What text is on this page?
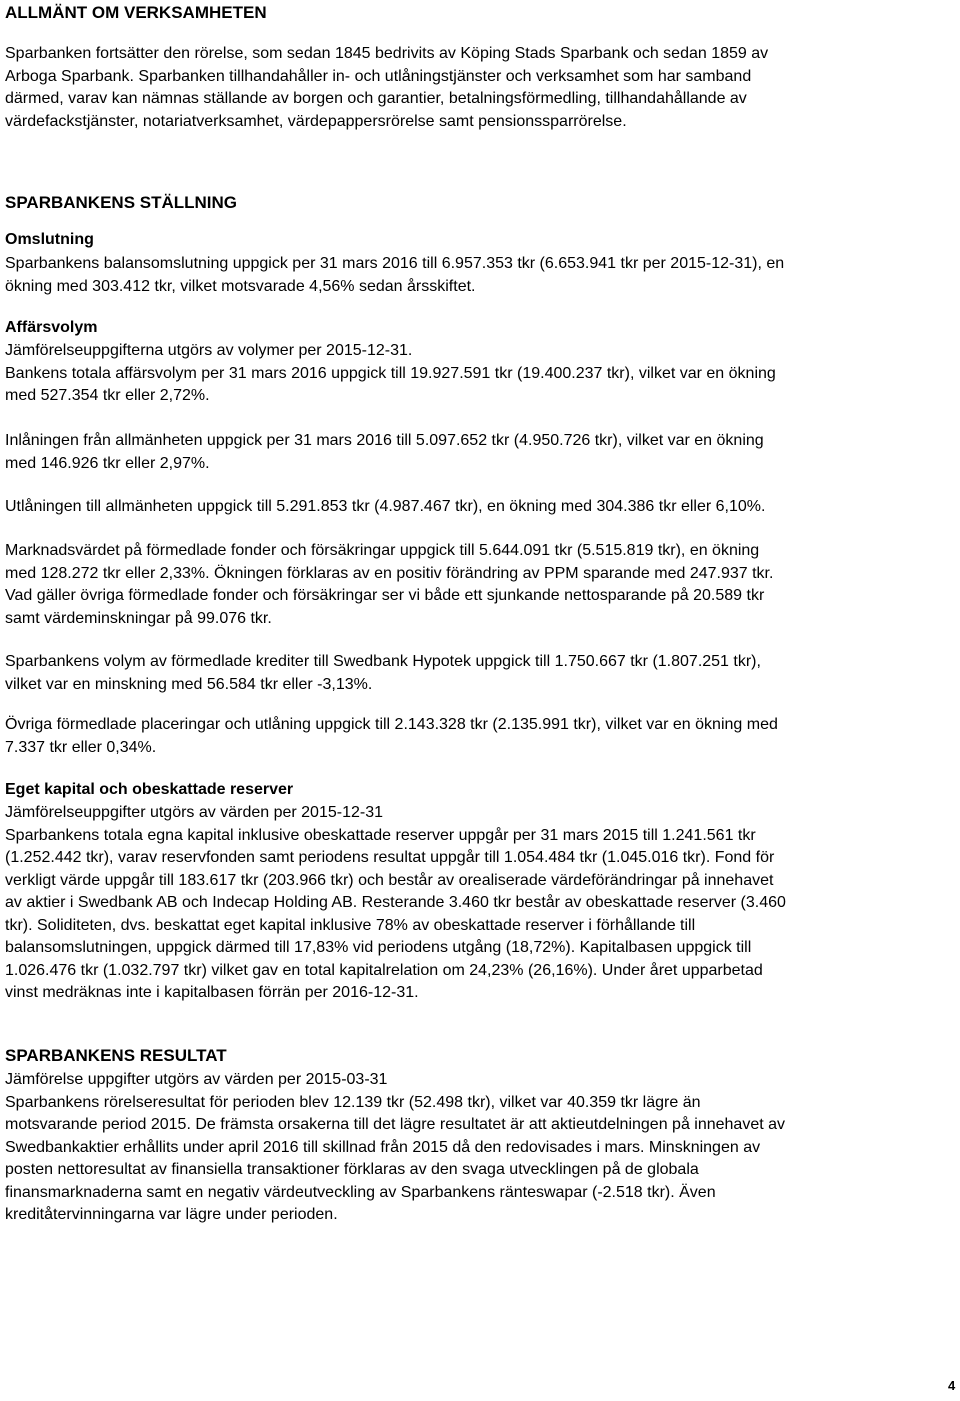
ALLMÄNT OM VERKSAMHETEN

Sparbanken fortsätter den rörelse, som sedan 1845 bedrivits av Köping Stads Sparbank och sedan 1859 av
Arboga Sparbank. Sparbanken tillhandahåller in- och utlåningstjänster och verksamhet som har samband
därmed, varav kan nämnas ställande av borgen och garantier, betalningsförmedling, tillhandahållande av
värdefackstjänster, notariatverksamhet, värdepappersrörelse samt pensionssparrörelse.

SPARBANKENS STÄLLNING
Omslutning

Sparbankens balansomslutning uppgick per 31 mars 2016 till 6.957.353 tkr (6.653.941 tkr per 2015-12-31), en
ökning med 303.412 tkr, vilket motsvarade 4,56% sedan årsskiftet.

Affärsvolym

Jämförelseuppgifterna utgörs av volymer per 2015-12-31.
Bankens totala affärsvolym per 31 mars 2016 uppgick till 19.927.591 tkr (19.400.237 tkr), vilket var en ökning
med 527.354 tkr eller 2,72%.

Inlåningen från allmänheten uppgick per 31 mars 2016 till 5.097.652 tkr (4.950.726 tkr), vilket var en ökning
med 146.926 tkr eller 2,97%.

Utlåningen till allmänheten uppgick till 5.291.853 tkr (4.987.467 tkr), en ökning med 304.386 tkr eller 6,10%.

Marknadsvärdet på förmedlade fonder och försäkringar uppgick till 5.644.091 tkr (5.515.819 tkr), en ökning
med 128.272 tkr eller 2,33%. Ökningen förklaras av en positiv förändring av PPM sparande med 247.937 tkr.
Vad gäller övriga förmedlade fonder och försäkringar ser vi både ett sjunkande nettosparande på 20.589 tkr
samt värdeminskningar på 99.076 tkr.

Sparbankens volym av förmedlade krediter till Swedbank Hypotek uppgick till 1.750.667 tkr (1.807.251 tkr),
vilket var en minskning med 56.584 tkr eller -3,13%.

Övriga förmedlade placeringar och utlåning uppgick till 2.143.328 tkr (2.135.991 tkr), vilket var en ökning med
7.337 tkr eller 0,34%.

Eget kapital och obeskattade reserver

Jämförelseuppgifter utgörs av värden per 2015-12-31
Sparbankens totala egna kapital inklusive obeskattade reserver uppgår per 31 mars 2015 till 1.241.561 tkr
(1.252.442 tkr), varav reservfonden samt periodens resultat uppgår till 1.054.484 tkr (1.045.016 tkr). Fond för
verkligt värde uppgår till 183.617 tkr (203.966 tkr) och består av orealiserade värdeförändringar på innehavet
av aktier i Swedbank AB och Indecap Holding AB. Resterande 3.460 tkr består av obeskattade reserver (3.460
tkr). Soliditeten, dvs. beskattat eget kapital inklusive 78% av obeskattade reserver i förhållande till
balansomslutningen, uppgick därmed till 17,83% vid periodens utgång (18,72%). Kapitalbasen uppgick till
1.026.476 tkr (1.032.797 tkr) vilket gav en total kapitalrelation om 24,23% (26,16%). Under året upparbetad
vinst medräknas inte i kapitalbasen förrän per 2016-12-31.

SPARBANKENS RESULTAT

Jämförelse uppgifter utgörs av värden per 2015-03-31
Sparbankens rörelseresultat för perioden blev 12.139 tkr (52.498 tkr), vilket var 40.359 tkr lägre än
motsvarande period 2015. De främsta orsakerna till det lägre resultatet är att aktieutdelningen på innehavet av
Swedbankaktier erhållits under april 2016 till skillnad från 2015 då den redovisades i mars. Minskningen av
posten nettoresultat av finansiella transaktioner förklaras av den svaga utvecklingen på de globala
finansmarknaderna samt en negativ värdeutveckling av Sparbankens ränteswapar (-2.518 tkr). Även
kreditåtervinningarna var lägre under perioden.

4
